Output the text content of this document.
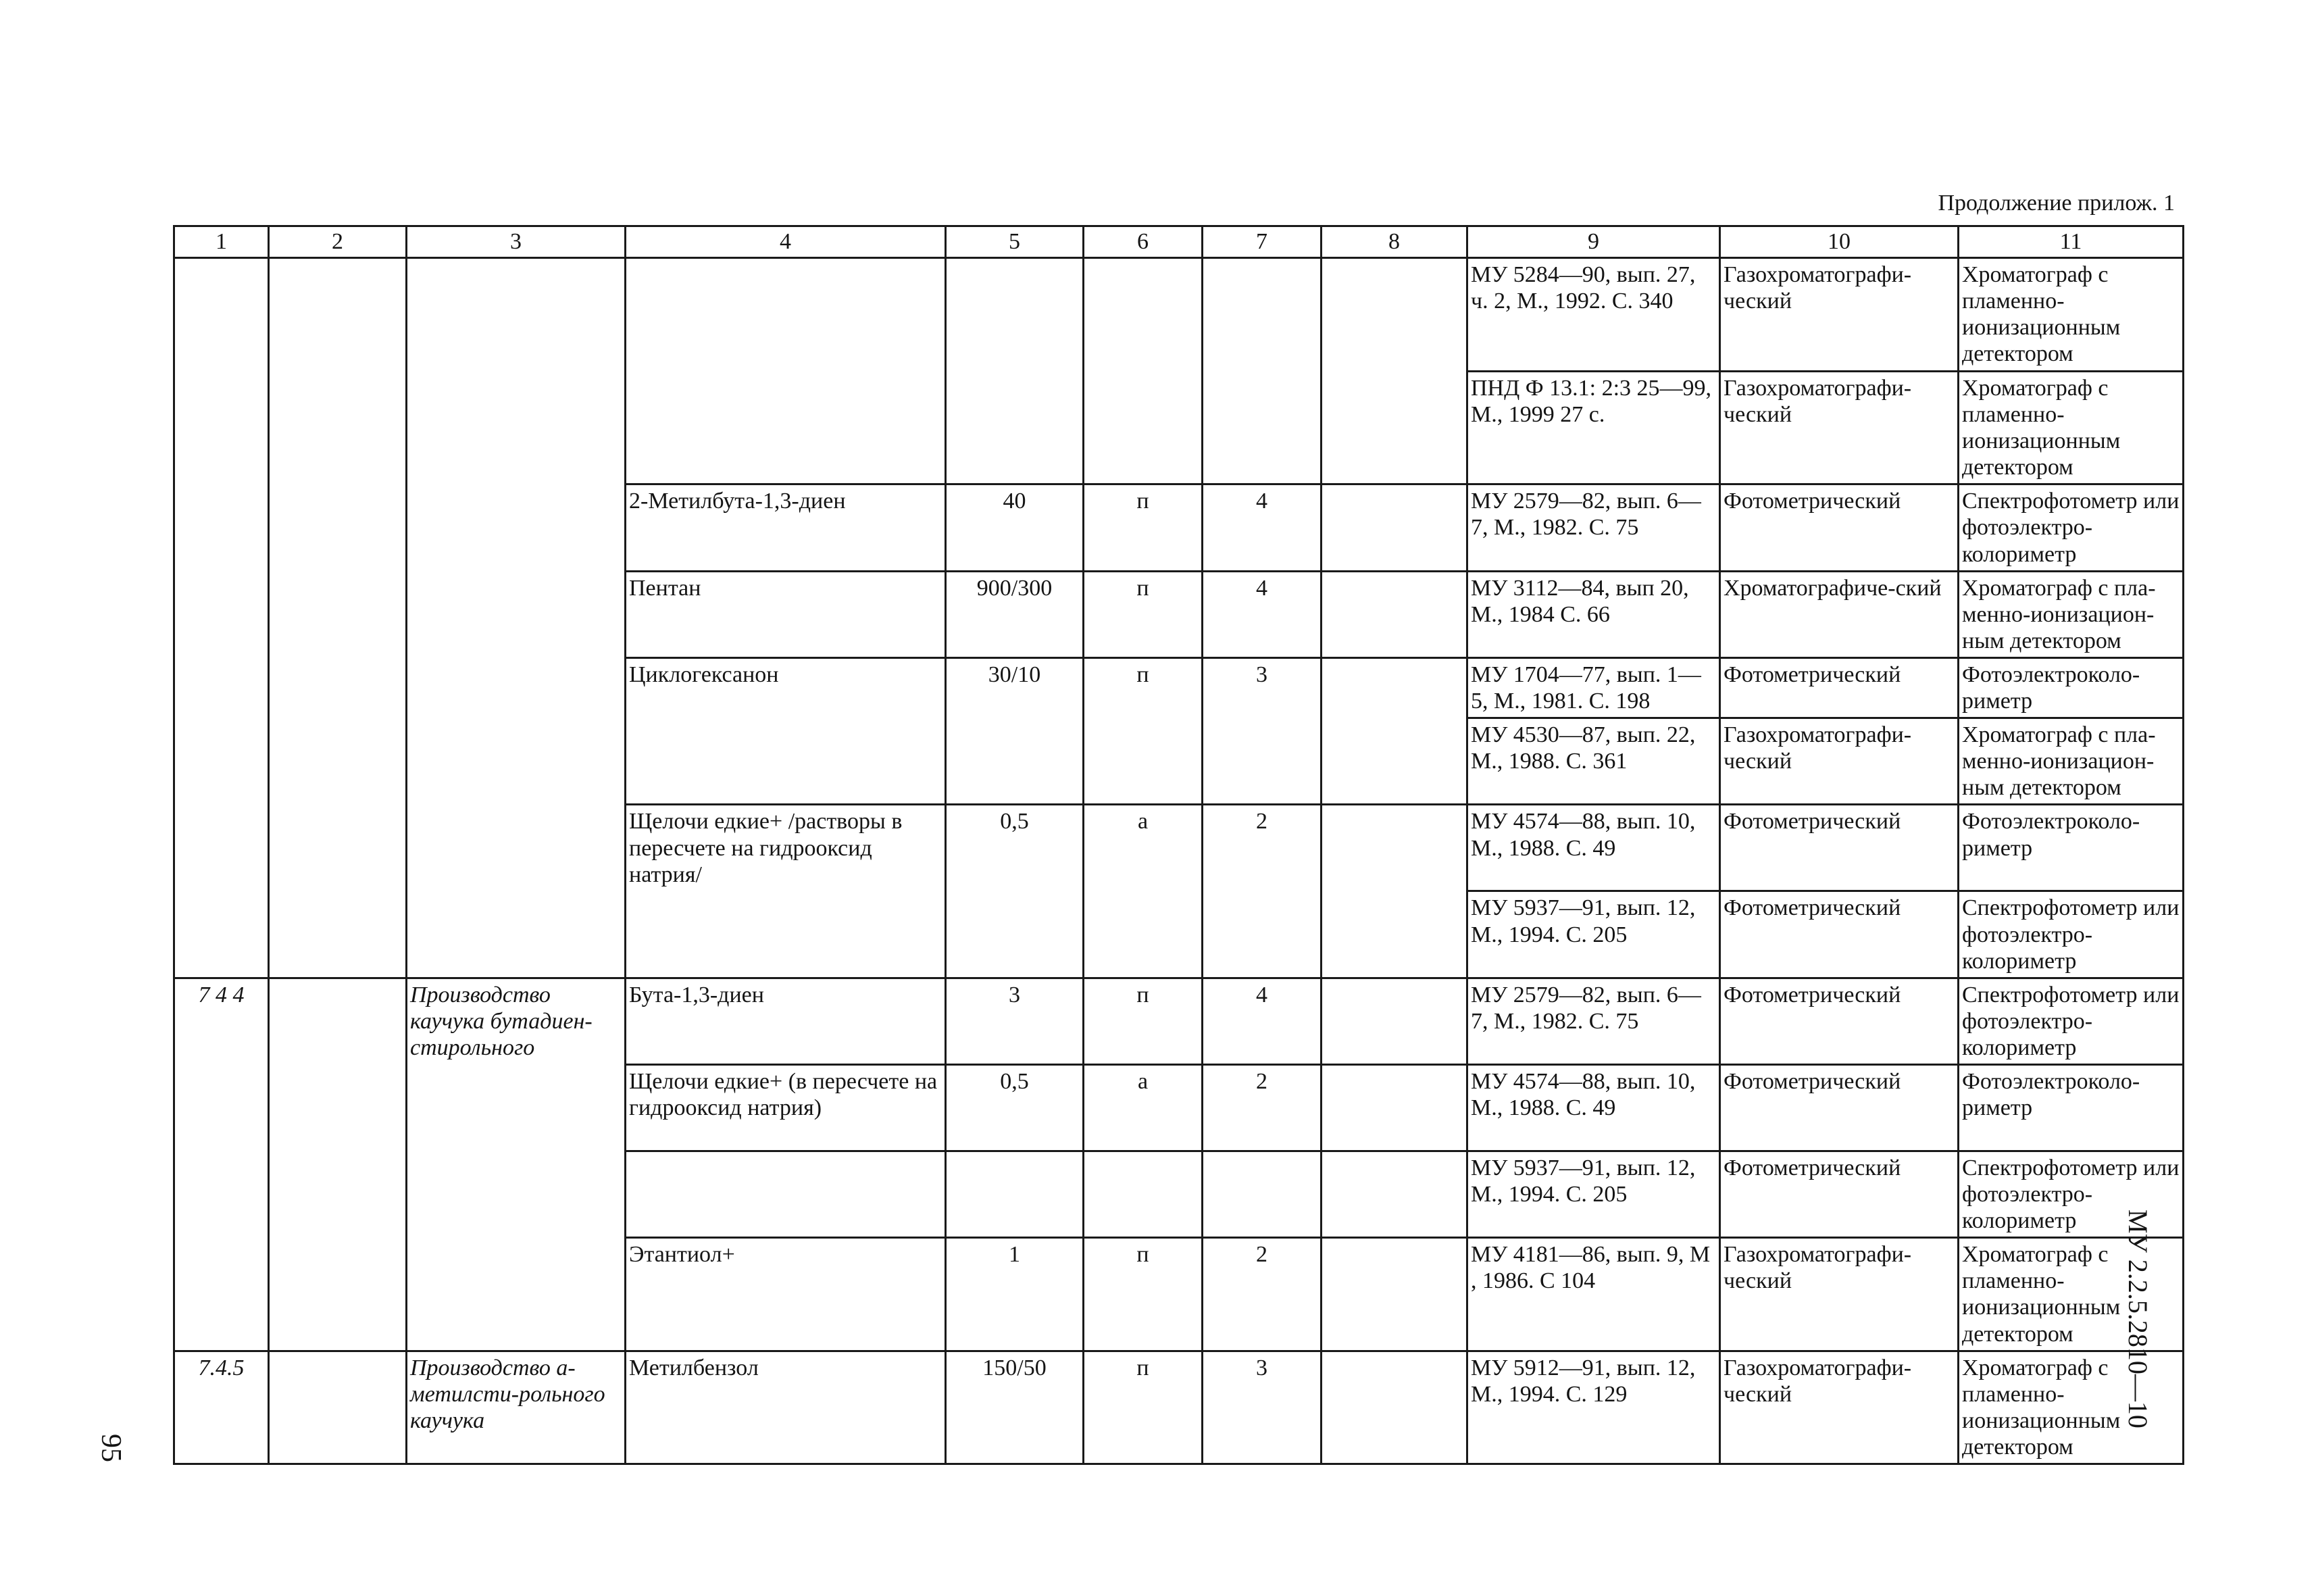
Продолжение прилож. 1
1	2	3	4	5	6	7	8	9	10	11
								МУ 5284—90, вып. 27, ч. 2, М., 1992. С. 340	Газохроматографи-ческий	Хроматограф с пламенно-ионизационным детектором
								ПНД Ф 13.1: 2:3 25—99, М., 1999 27 с.	Газохроматографи-ческий	Хроматограф с пламенно-ионизационным детектором
			2-Метилбута-1,3-диен	40	п	4		МУ 2579—82, вып. 6—7, М., 1982. С. 75	Фотометрический	Спектрофотометр или фотоэлектро-колориметр
			Пентан	900/300	п	4		МУ 3112—84, вып 20, М., 1984 С. 66	Хроматографиче-ский	Хроматограф с пла-менно-ионизацион-ным детектором
			Циклогексанон	30/10	п	3		МУ 1704—77, вып. 1—5, М., 1981. С. 198	Фотометрический	Фотоэлектроколо-риметр
								МУ 4530—87, вып. 22, М., 1988. С. 361	Газохроматографи-ческий	Хроматограф с пла-менно-ионизацион-ным детектором
			Щелочи едкие+ /растворы в пересчете на гидрооксид натрия/	0,5	а	2		МУ 4574—88, вып. 10, М., 1988. С. 49	Фотометрический	Фотоэлектроколо-риметр
								МУ 5937—91, вып. 12, М., 1994. С. 205	Фотометрический	Спектрофотометр или фотоэлектро-колориметр
7 4 4		Производство каучука бутадиен-стирольного	Бута-1,3-диен	3	п	4		МУ 2579—82, вып. 6—7, М., 1982. С. 75	Фотометрический	Спектрофотометр или фотоэлектро-колориметр
			Щелочи едкие+ (в пересчете на гидрооксид натрия)	0,5	а	2		МУ 4574—88, вып. 10, М., 1988. С. 49	Фотометрический	Фотоэлектроколо-риметр
								МУ 5937—91, вып. 12, М., 1994. С. 205	Фотометрический	Спектрофотометр или фотоэлектро-колориметр
			Этантиол+	1	п	2		МУ 4181—86, вып. 9, М , 1986. С 104	Газохроматографи-ческий	Хроматограф с пламенно-ионизационным детектором
7.4.5		Производство а-метилсти-рольного каучука	Метилбензол	150/50	п	3		МУ 5912—91, вып. 12, М., 1994. С. 129	Газохроматографи-ческий	Хроматограф с пламенно-ионизационным детектором
МУ 2.2.5.2810—10
95
